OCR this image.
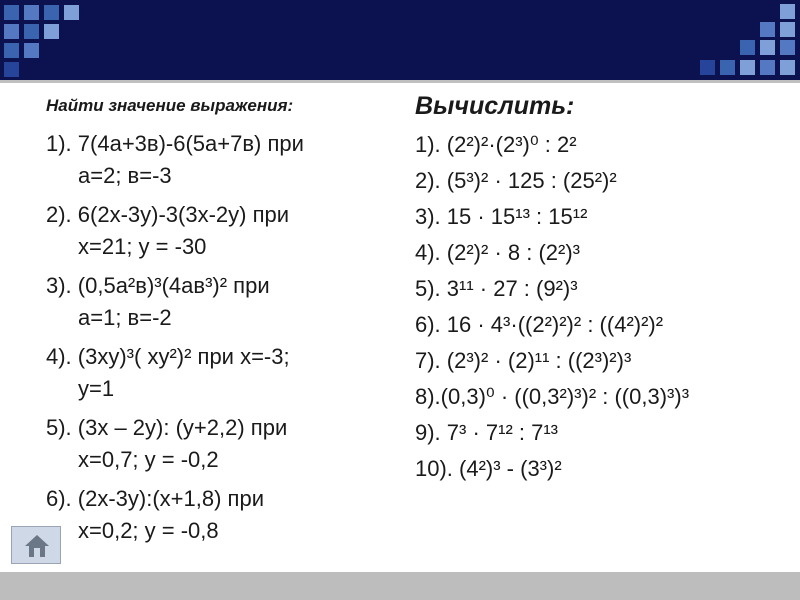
Найти значение выражения:
1). 7(4а+3в)-6(5а+7в) при
а=2; в=-3
2). 6(2х-3у)-3(3х-2у) при
х=21; у = -30
3). (0,5а²в)³(4ав³)² при
а=1; в=-2
4). (3ху)³( ху²)² при х=-3;
у=1
5). (3х – 2у): (у+2,2) при
х=0,7; у = -0,2
6). (2х-3у):(х+1,8) при
х=0,2; у = -0,8
Вычислить:
1). (2²)²·(2³)⁰ : 2²
2). (5³)² · 125 : (25²)²
3). 15 · 15¹³ : 15¹²
4). (2²)² · 8 : (2²)³
5). 3¹¹ · 27 : (9²)³
6). 16 · 4³·((2²)²)² : ((4²)²)²
7). (2³)² · (2)¹¹ : ((2³)²)³
8).(0,3)⁰ · ((0,3²)³)² : ((0,3)³)³
9). 7³ · 7¹² : 7¹³
10). (4²)³ - (3³)²
